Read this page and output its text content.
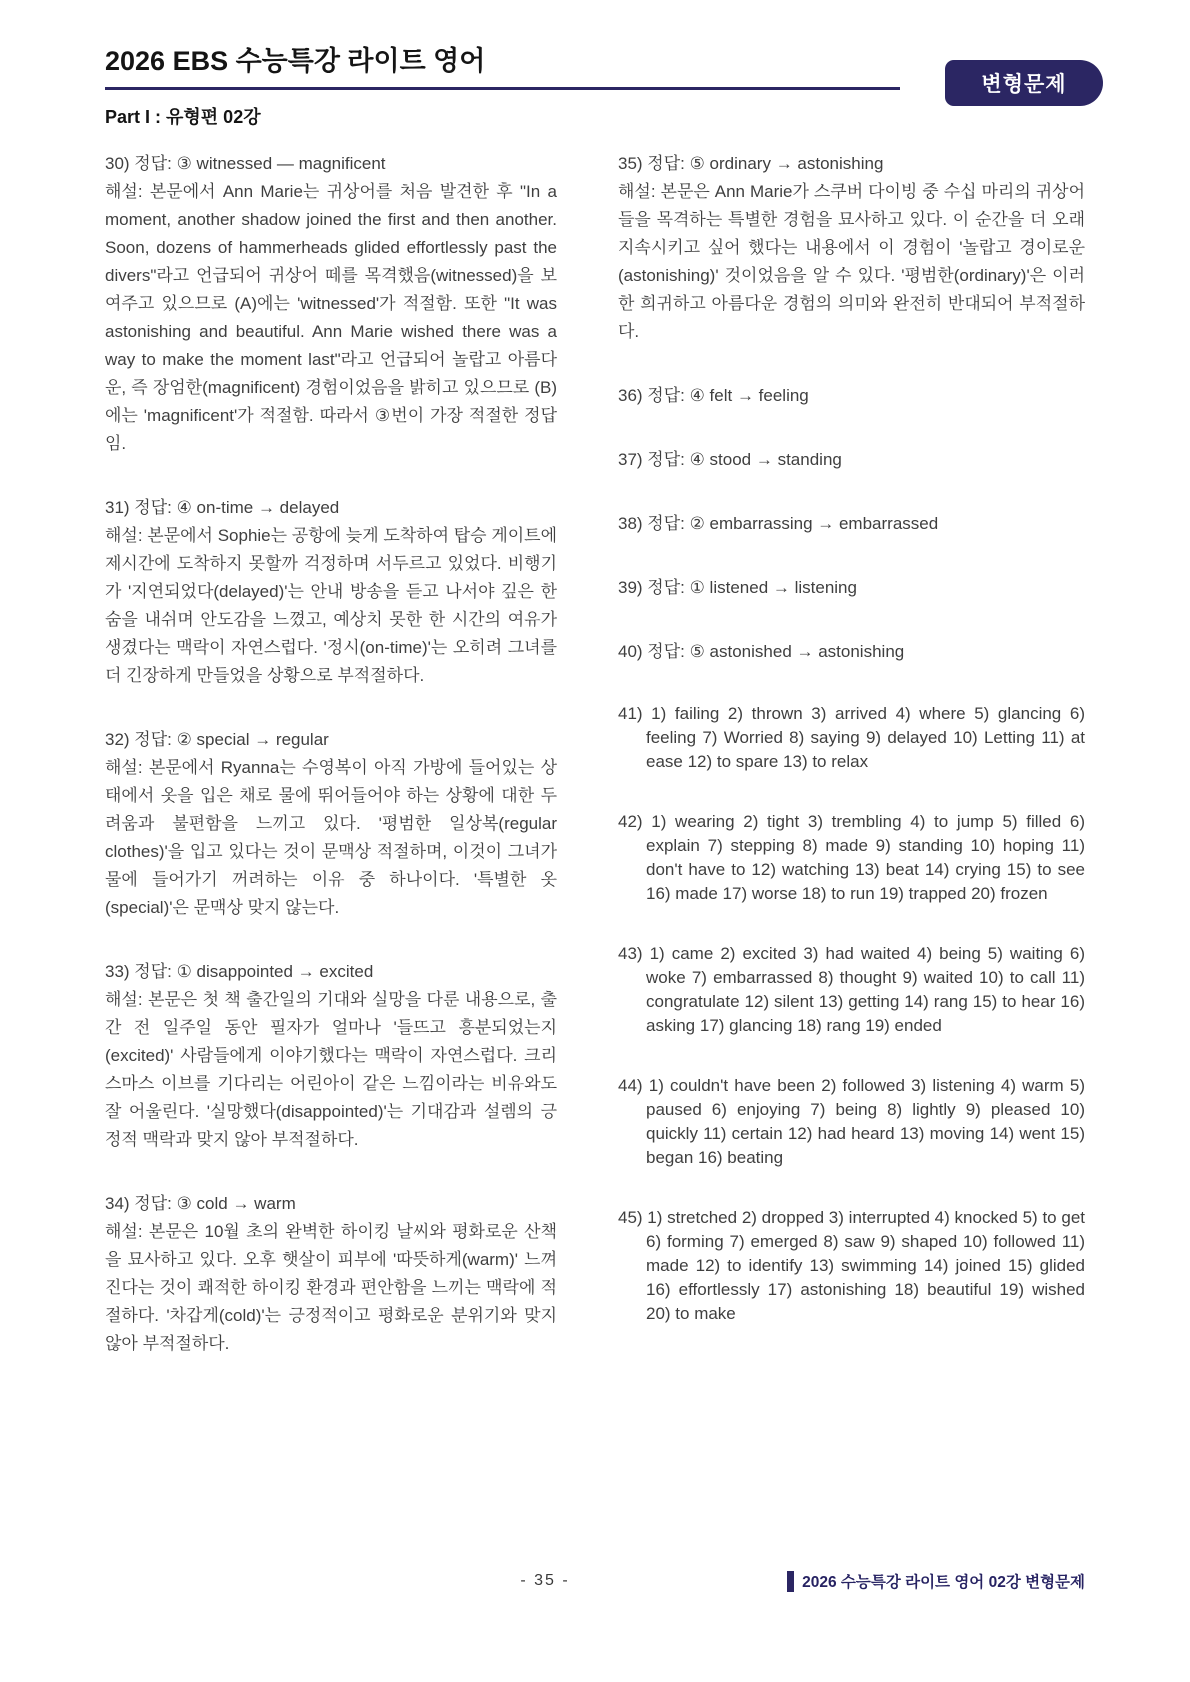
2026 EBS 수능특강 라이트 영어
Part I : 유형편 02강
변형문제
30) 정답: ③ witnessed — magnificent
해설: 본문에서 Ann Marie는 귀상어를 처음 발견한 후 "In a moment, another shadow joined the first and then another. Soon, dozens of hammerheads glided effortlessly past the divers"라고 언급되어 귀상어 떼를 목격했음(witnessed)을 보여주고 있으므로 (A)에는 'witnessed'가 적절함. 또한 "It was astonishing and beautiful. Ann Marie wished there was a way to make the moment last"라고 언급되어 놀랍고 아름다운, 즉 장엄한(magnificent) 경험이었음을 밝히고 있으므로 (B)에는 'magnificent'가 적절함. 따라서 ③번이 가장 적절한 정답임.
31) 정답: ④ on-time → delayed
해설: 본문에서 Sophie는 공항에 늦게 도착하여 탑승 게이트에 제시간에 도착하지 못할까 걱정하며 서두르고 있었다. 비행기가 '지연되었다(delayed)'는 안내 방송을 듣고 나서야 깊은 한숨을 내쉬며 안도감을 느꼈고, 예상치 못한 한 시간의 여유가 생겼다는 맥락이 자연스럽다. '정시(on-time)'는 오히려 그녀를 더 긴장하게 만들었을 상황으로 부적절하다.
32) 정답: ② special → regular
해설: 본문에서 Ryanna는 수영복이 아직 가방에 들어있는 상태에서 옷을 입은 채로 물에 뛰어들어야 하는 상황에 대한 두려움과 불편함을 느끼고 있다. '평범한 일상복(regular clothes)'을 입고 있다는 것이 문맥상 적절하며, 이것이 그녀가 물에 들어가기 꺼려하는 이유 중 하나이다. '특별한 옷(special)'은 문맥상 맞지 않는다.
33) 정답: ① disappointed → excited
해설: 본문은 첫 책 출간일의 기대와 실망을 다룬 내용으로, 출간 전 일주일 동안 필자가 얼마나 '들뜨고 흥분되었는지(excited)' 사람들에게 이야기했다는 맥락이 자연스럽다. 크리스마스 이브를 기다리는 어린아이 같은 느낌이라는 비유와도 잘 어울린다. '실망했다(disappointed)'는 기대감과 설렘의 긍정적 맥락과 맞지 않아 부적절하다.
34) 정답: ③ cold → warm
해설: 본문은 10월 초의 완벽한 하이킹 날씨와 평화로운 산책을 묘사하고 있다. 오후 햇살이 피부에 '따뜻하게(warm)' 느껴진다는 것이 쾌적한 하이킹 환경과 편안함을 느끼는 맥락에 적절하다. '차갑게(cold)'는 긍정적이고 평화로운 분위기와 맞지 않아 부적절하다.
35) 정답: ⑤ ordinary → astonishing
해설: 본문은 Ann Marie가 스쿠버 다이빙 중 수십 마리의 귀상어들을 목격하는 특별한 경험을 묘사하고 있다. 이 순간을 더 오래 지속시키고 싶어 했다는 내용에서 이 경험이 '놀랍고 경이로운(astonishing)' 것이었음을 알 수 있다. '평범한(ordinary)'은 이러한 희귀하고 아름다운 경험의 의미와 완전히 반대되어 부적절하다.
36) 정답: ④ felt → feeling
37) 정답: ④ stood → standing
38) 정답: ② embarrassing → embarrassed
39) 정답: ① listened → listening
40) 정답: ⑤ astonished → astonishing
41) 1) failing 2) thrown 3) arrived 4) where 5) glancing 6) feeling 7) Worried 8) saying 9) delayed 10) Letting 11) at ease 12) to spare 13) to relax
42) 1) wearing 2) tight 3) trembling 4) to jump 5) filled 6) explain 7) stepping 8) made 9) standing 10) hoping 11) don't have to 12) watching 13) beat 14) crying 15) to see 16) made 17) worse 18) to run 19) trapped 20) frozen
43) 1) came 2) excited 3) had waited 4) being 5) waiting 6) woke 7) embarrassed 8) thought 9) waited 10) to call 11) congratulate 12) silent 13) getting 14) rang 15) to hear 16) asking 17) glancing 18) rang 19) ended
44) 1) couldn't have been 2) followed 3) listening 4) warm 5) paused 6) enjoying 7) being 8) lightly 9) pleased 10) quickly 11) certain 12) had heard 13) moving 14) went 15) began 16) beating
45) 1) stretched 2) dropped 3) interrupted 4) knocked 5) to get 6) forming 7) emerged 8) saw 9) shaped 10) followed 11) made 12) to identify 13) swimming 14) joined 15) glided 16) effortlessly 17) astonishing 18) beautiful 19) wished 20) to make
- 35 -	2026 수능특강 라이트 영어 02강 변형문제
